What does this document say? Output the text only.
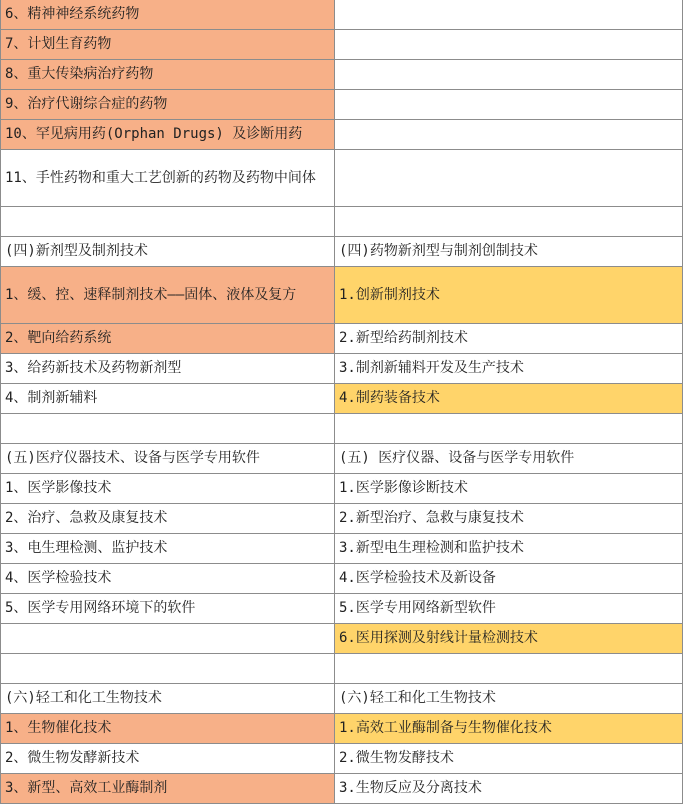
6、精神神经系统药物	
7、计划生育药物	
8、重大传染病治疗药物	
9、治疗代谢综合症的药物	
10、罕见病用药(Orphan Drugs) 及诊断用药	
11、手性药物和重大工艺创新的药物及药物中间体	

(四)新剂型及制剂技术	(四)药物新剂型与制剂创制技术
1、缓、控、速释制剂技术——固体、液体及复方	1.创新制剂技术
2、靶向给药系统	2.新型给药制剂技术
3、给药新技术及药物新剂型	3.制剂新辅料开发及生产技术
4、制剂新辅料	4.制药装备技术

(五)医疗仪器技术、设备与医学专用软件	(五) 医疗仪器、设备与医学专用软件
1、医学影像技术	1.医学影像诊断技术
2、治疗、急救及康复技术	2.新型治疗、急救与康复技术
3、电生理检测、监护技术	3.新型电生理检测和监护技术
4、医学检验技术	4.医学检验技术及新设备
5、医学专用网络环境下的软件	5.医学专用网络新型软件
	6.医用探测及射线计量检测技术

(六)轻工和化工生物技术	(六)轻工和化工生物技术
1、生物催化技术	1.高效工业酶制备与生物催化技术
2、微生物发酵新技术	2.微生物发酵技术
3、新型、高效工业酶制剂	3.生物反应及分离技术
